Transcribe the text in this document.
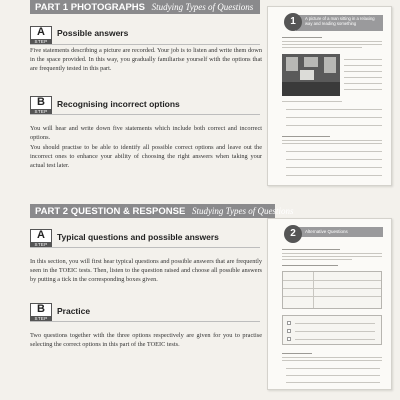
PART 1 PHOTOGRAPHS Studying Types of Questions
A
STEP
Possible answers

Five statements describing a picture are recorded. Your job is to listen and write them down in the space provided. In this way, you gradually familiarise yourself with the options that are frequently tested in this part.

B
STEP
Recognising incorrect options

You will hear and write down five statements which include both correct and incorrect options.

You should practise to be able to identify all possible correct options and leave out the incorrect ones to enhance your ability of choosing the right answers when taking your actual test later.

PART 2 QUESTION & RESPONSE Studying Types of Questions
A
STEP
Typical questions and possible answers

In this section, you will first hear typical questions and possible answers that are frequently seen in the TOEIC tests. Then, listen to the question raised and choose all possible answers by putting a tick in the corresponding boxes given.

B
STEP
Practice

Two questions together with the three options respectively are given for you to practise selecting the correct options in this part of the TOEIC tests.

A picture of a man sitting in a relaxing way and reading something
1
Alternative Questions
2
